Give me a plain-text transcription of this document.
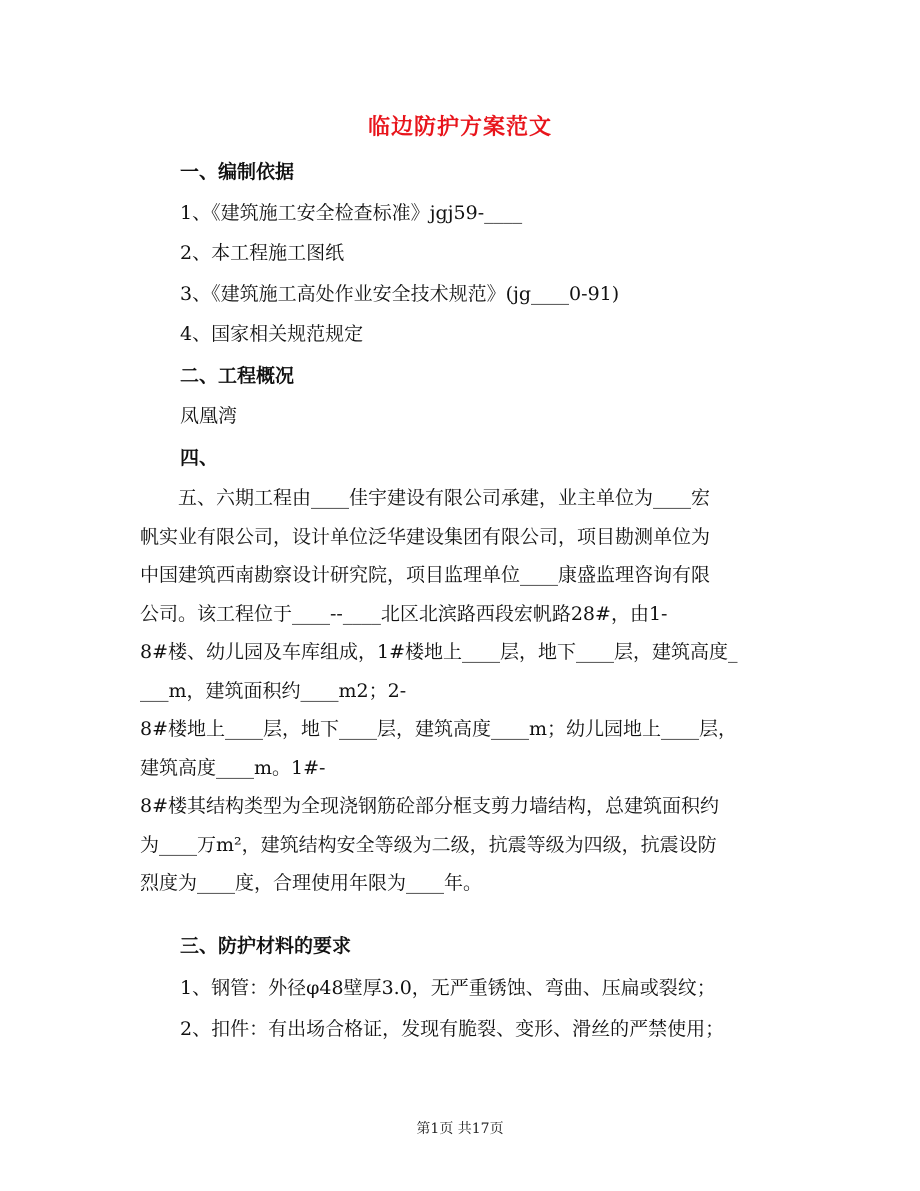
临边防护方案范文
一、编制依据
1、《建筑施工安全检查标准》jgj59-____
2、本工程施工图纸
3、《建筑施工高处作业安全技术规范》(jg____0-91)
4、国家相关规范规定
二、工程概况
凤凰湾
四、
　　五、六期工程由____佳宇建设有限公司承建，业主单位为____宏
帆实业有限公司，设计单位泛华建设集团有限公司，项目勘测单位为
中国建筑西南勘察设计研究院，项目监理单位____康盛监理咨询有限
公司。该工程位于____--____北区北滨路西段宏帆路28#，由1-
8#楼、幼儿园及车库组成，1#楼地上____层，地下____层，建筑高度_
___m，建筑面积约____m2；2-
8#楼地上____层，地下____层，建筑高度____m；幼儿园地上____层，
建筑高度____m。1#-
8#楼其结构类型为全现浇钢筋砼部分框支剪力墙结构，总建筑面积约
为____万m²，建筑结构安全等级为二级，抗震等级为四级，抗震设防
烈度为____度，合理使用年限为____年。
三、防护材料的要求
1、钢管：外径φ48壁厚3.0，无严重锈蚀、弯曲、压扁或裂纹；
2、扣件：有出场合格证，发现有脆裂、变形、滑丝的严禁使用；
第1页 共17页
